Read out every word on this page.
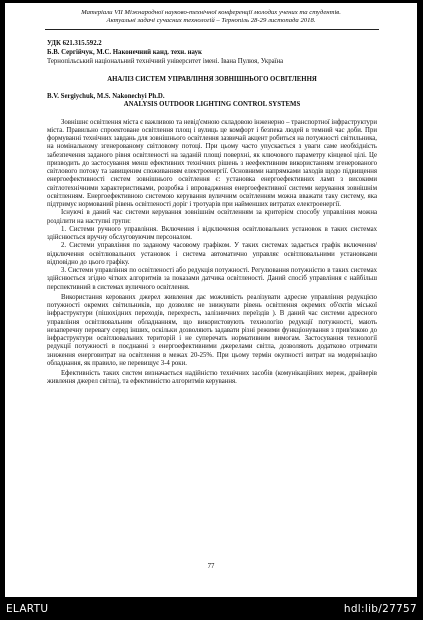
Матеріали VII Міжнародної науково-технічної конференції молодих учених та студентів.
Актуальні задачі сучасних технологій – Тернопіль 28-29 листопада 2018.

УДК 621.315.592.2

Б.В. Сергійчук, М.С. Наконечний канд. техн. наук

Тернопільський національний технічний університет імені. Івана Пулюя, Україна

АНАЛІЗ СИСТЕМ УПРАВЛІННЯ ЗОВНІШНЬОГО ОСВІТЛЕННЯ

B.V. Sergiychuk, M.S. Nakonechyi Ph.D.

ANALYSIS OUTDOOR LIGHTING CONTROL SYSTEMS

Зовнішнє освітлення міста є важливою та невід'ємною складовою інженерно – транспортної інфраструктури міста. Правильно спроектоване освітлення площ і вулиць це комфорт і безпека людей в темний час доби. При формуванні технічних завдань для зовнішнього освітлення зазвичай акцент робиться на потужності світильника, на номінальному згенерованому світловому потоці. При цьому часто упускається з уваги саме необхідність забезпечення заданого рівня освітленості на заданій площі поверхні, як ключового параметру кінцевої цілі. Це призводить до застосування менш ефективних технічних рішень з неефективним використанням згенерованого світлового потоку та завищеним споживанням електроенергії. Основними напрямками заходів щодо підвищення енергоефективності систем зовнішнього освітлення є: установка енергоефективних ламп з високими світлотехнічними характеристиками, розробка і впровадження енергоефективної системи керування зовнішнім освітленням. Енергоефективною системою керування вуличним освітленням можна вважати таку систему, яка підтримує нормований рівень освітленості доріг і тротуарів при найменших витратах електроенергії.

Існуючі в даний час системи керування зовнішнім освітленням за критерієм способу управління можна розділити на наступні групи:

1. Системи ручного управління. Включення і відключення освітлювальних установок в таких системах здійснюється вручну обслуговуючим персоналом.

2. Системи управління по заданому часовому графіком. У таких системах задається графік включення/відключення освітлювальних установок і система автоматично управляє освітлювальними установками відповідно до цього графіку.

3. Системи управління по освітленості або редукція потужності. Регулювання потужністю в таких системах здійснюється згідно чітких алгоритмів за показами датчика освітленості. Даний спосіб управління є найбільш перспективний в системах вуличного освітлення.

Використання керованих джерел живлення дає можливість реалізувати адресне управління редукцією потужності окремих світильників, що дозволяє не знижувати рівень освітлення окремих об'єктів міської інфраструктури (пішохідних переходів, перехресть, залізничних переїздів ). В даний час системи адресного управління освітлювальним обладнанням, що використовують технологію редукції потужності, мають незаперечну перевагу серед інших, оскільки дозволяють задавати різні режими функціонування з прив'язкою до інфраструктури освітлювальних територій і не суперечать нормативним вимогам. Застосування технології редукції потужності в поєднанні з енергоефективними джерелами світла, дозволяють додатково отримати зниження енерговитрат на освітлення в межах 20-25%. При цьому термін окупності витрат на модернізацію обладнання, як правило, не перевищує 3-4 роки.

Ефективність таких систем визначається надійністю технічних засобів (комунікаційних мереж, драйверів живлення джерел світла), та ефективністю алгоритмів керування.

77
ELARTU	hdl:lib/27757
